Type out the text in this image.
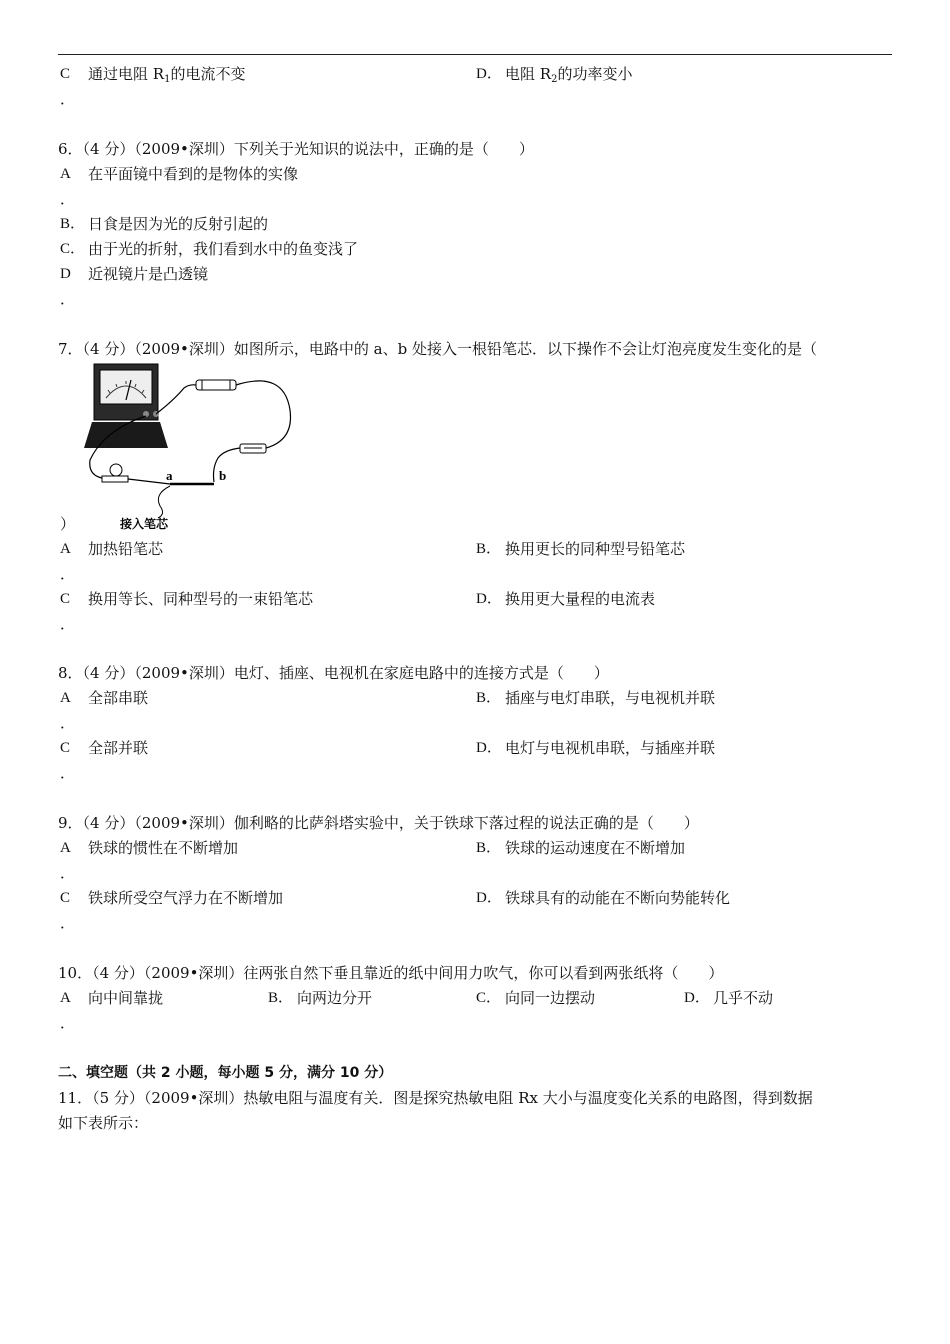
C 通过电阻 $R_1$的电流不变
．
D． 电阻 $R_2$的功率变小
6．（4 分）（2009•深圳）下列关于光知识的说法中，正确的是（　　）
A 在平面镜中看到的是物体的实像
．
B． 日食是因为光的反射引起的
C． 由于光的折射，我们看到水中的鱼变浅了
D 近视镜片是凸透镜
．
7．（4 分）（2009•深圳）如图所示，电路中的 a、b 处接入一根铅笔芯．以下操作不会让灯泡亮度发生变化的是（
a	b
接入笔芯
）
A 加热铅笔芯
．
B． 换用更长的同种型号铅笔芯
C 换用等长、同种型号的一束铅笔芯
．
D． 换用更大量程的电流表
8．（4 分）（2009•深圳）电灯、插座、电视机在家庭电路中的连接方式是（　　）
A 全部串联
．
B． 插座与电灯串联，与电视机并联
C 全部并联
．
D． 电灯与电视机串联，与插座并联
9．（4 分）（2009•深圳）伽利略的比萨斜塔实验中，关于铁球下落过程的说法正确的是（　　）
A 铁球的惯性在不断增加
．
B． 铁球的运动速度在不断增加
C 铁球所受空气浮力在不断增加
．
D． 铁球具有的动能在不断向势能转化
10．（4 分）（2009•深圳）往两张自然下垂且靠近的纸中间用力吹气，你可以看到两张纸将（　　）
A 向中间靠拢
．
B． 向两边分开	C． 向同一边摆动	D． 几乎不动
二、填空题（共 2 小题，每小题 5 分，满分 10 分）
11．（5 分）（2009•深圳）热敏电阻与温度有关．图是探究热敏电阻 Rx 大小与温度变化关系的电路图，得到数据
如下表所示：
